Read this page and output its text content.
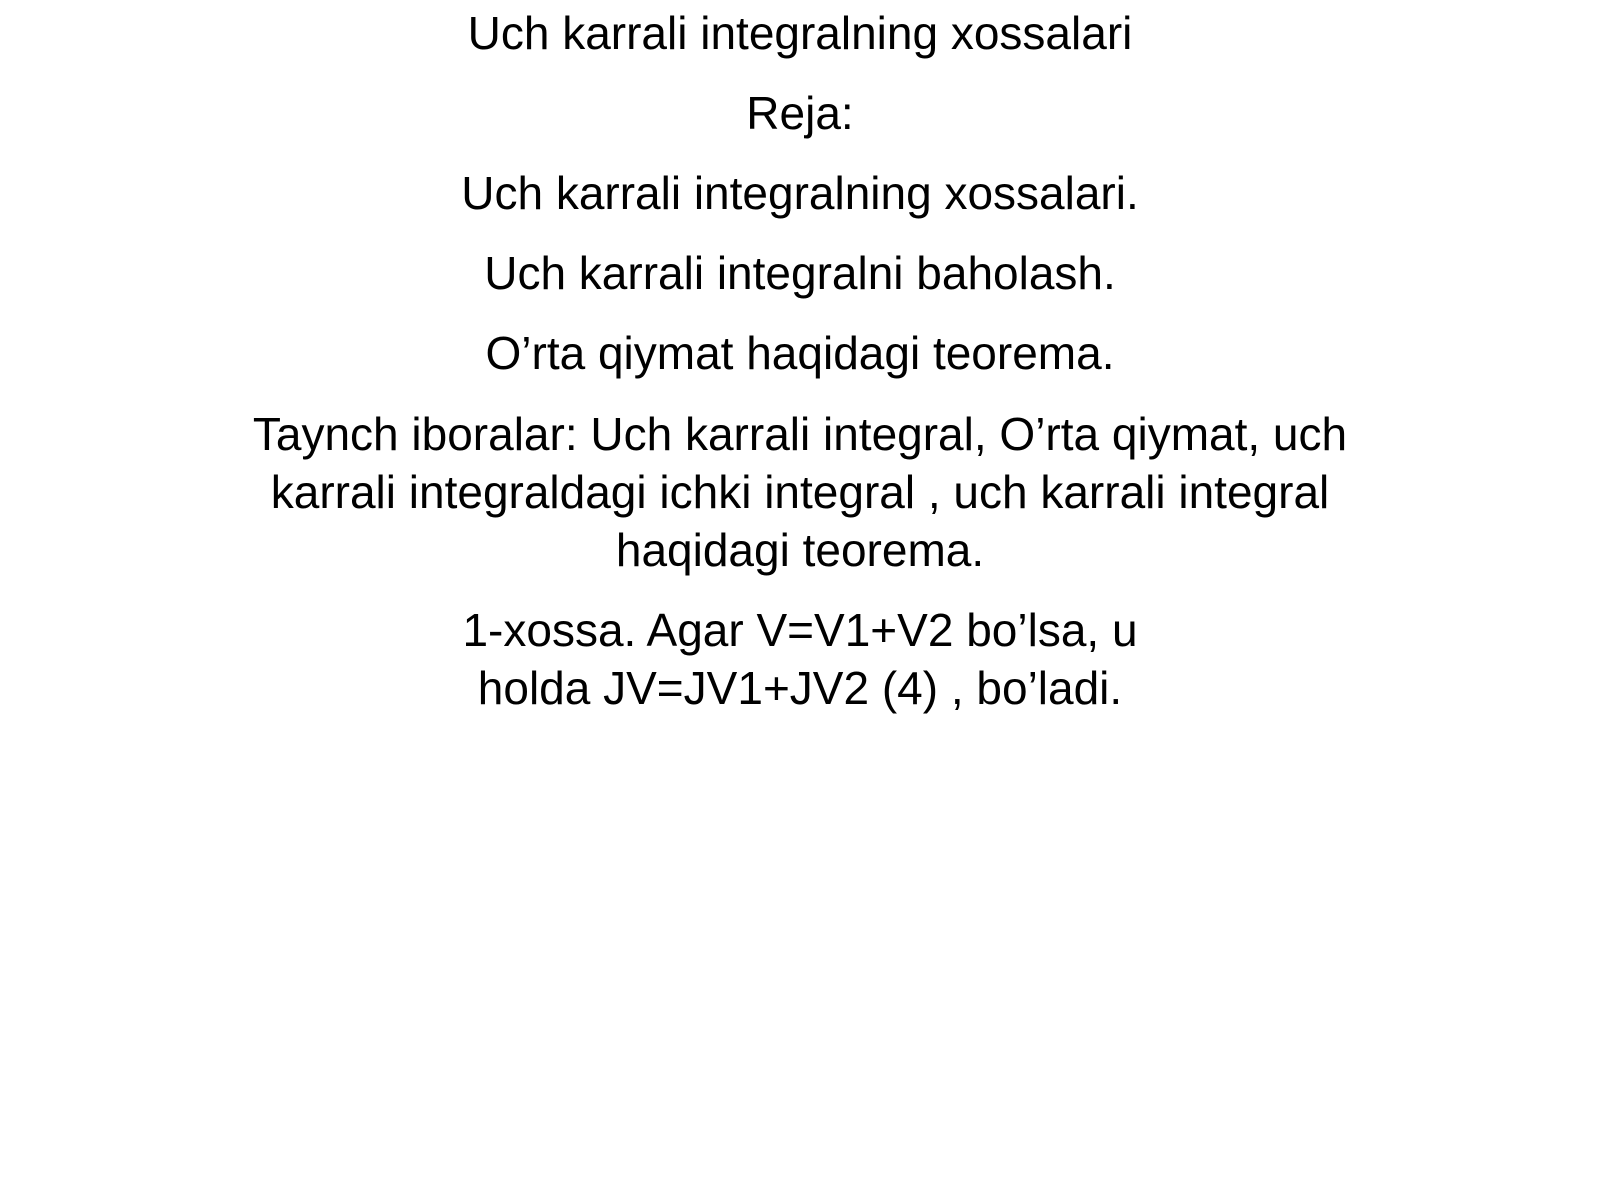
Uch karrali integralning xossalari

Reja:

Uch karrali integralning xossalari.

Uch karrali integralni baholash.

O’rta qiymat haqidagi teorema.

Taynch iboralar: Uch karrali integral, O’rta qiymat, uch
karrali integraldagi ichki integral , uch karrali integral
haqidagi teorema.
1-xossa. Agar V=V1+V2 bo’lsa, u
holda JV=JV1+JV2 (4) , bo’ladi.
